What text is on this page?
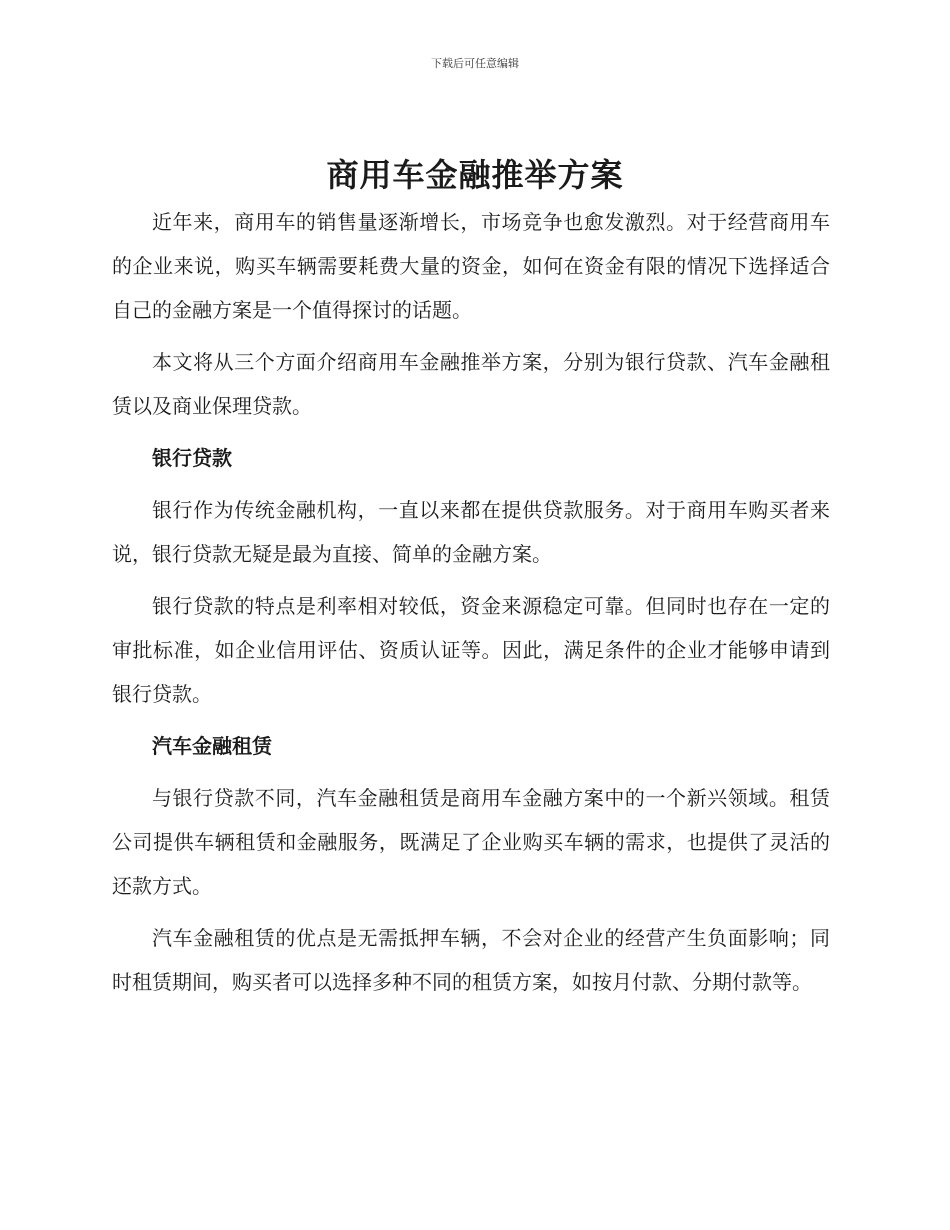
下载后可任意编辑
商用车金融推举方案

近年来，商用车的销售量逐渐增长，市场竞争也愈发激烈。对于经营商用车的企业来说，购买车辆需要耗费大量的资金，如何在资金有限的情况下选择适合自己的金融方案是一个值得探讨的话题。

本文将从三个方面介绍商用车金融推举方案，分别为银行贷款、汽车金融租赁以及商业保理贷款。

银行贷款

银行作为传统金融机构，一直以来都在提供贷款服务。对于商用车购买者来说，银行贷款无疑是最为直接、简单的金融方案。

银行贷款的特点是利率相对较低，资金来源稳定可靠。但同时也存在一定的审批标准，如企业信用评估、资质认证等。因此，满足条件的企业才能够申请到银行贷款。

汽车金融租赁

与银行贷款不同，汽车金融租赁是商用车金融方案中的一个新兴领域。租赁公司提供车辆租赁和金融服务，既满足了企业购买车辆的需求，也提供了灵活的还款方式。

汽车金融租赁的优点是无需抵押车辆，不会对企业的经营产生负面影响；同时租赁期间，购买者可以选择多种不同的租赁方案，如按月付款、分期付款等。
